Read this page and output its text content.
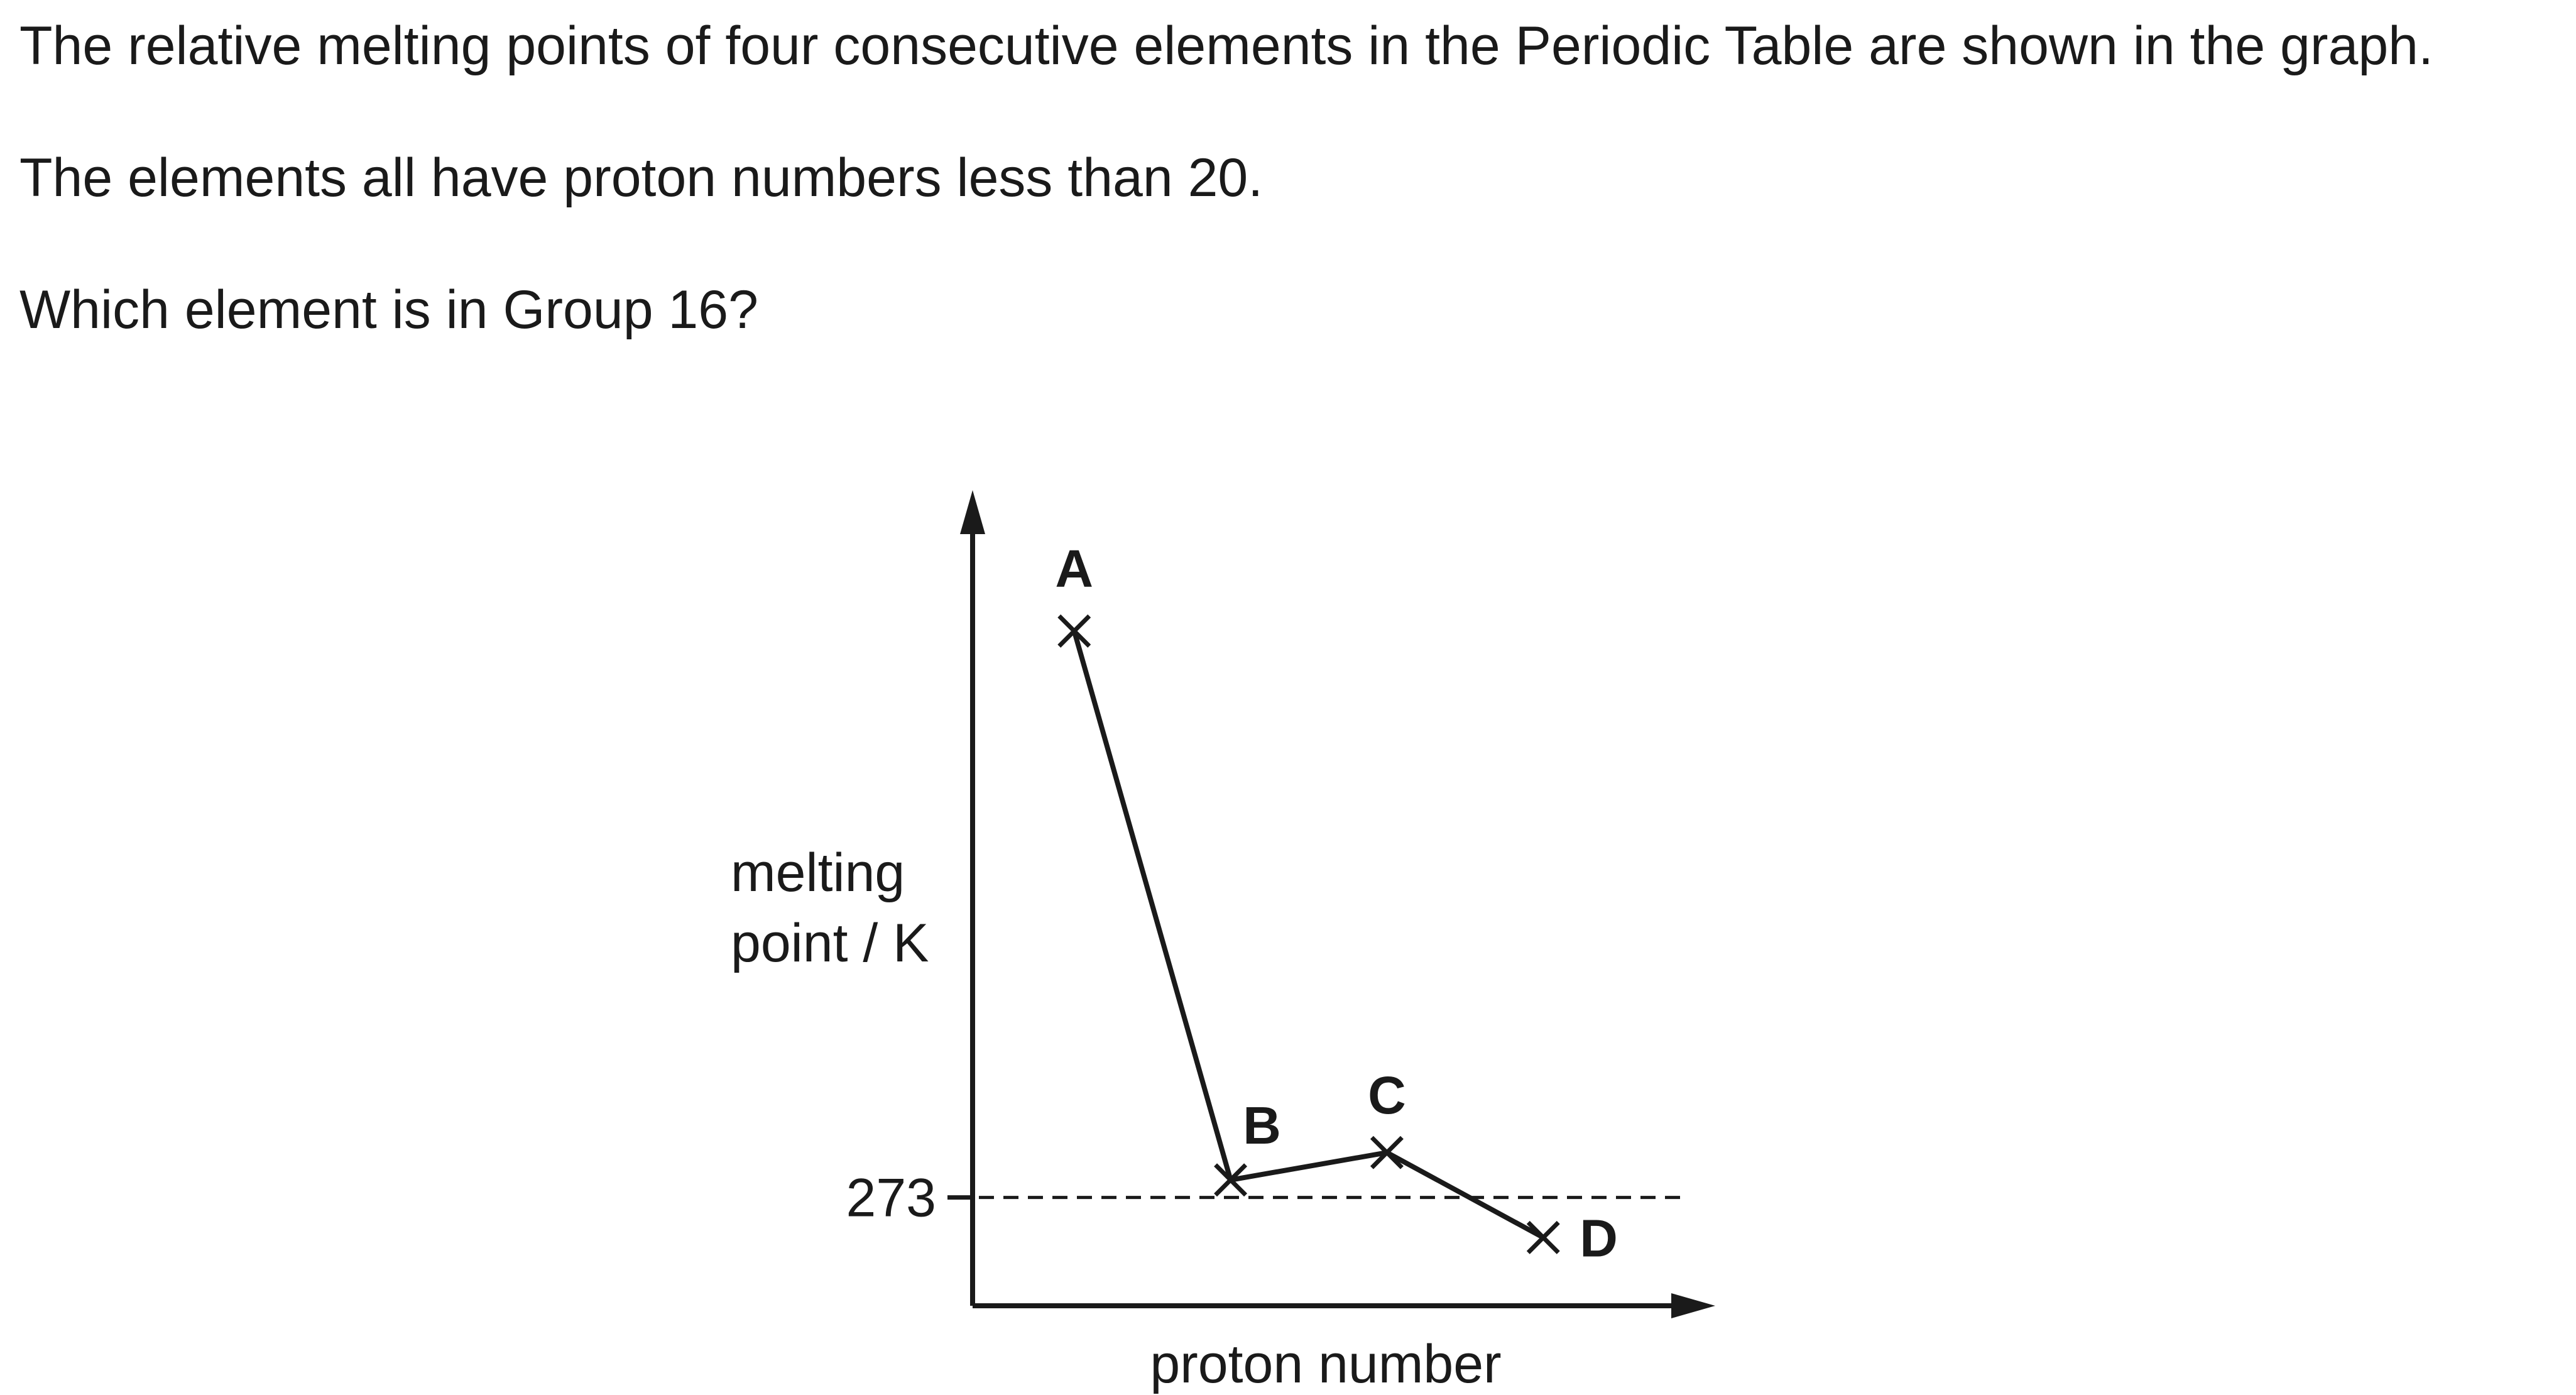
The relative melting points of four consecutive elements in the Periodic Table are shown in the graph.

The elements all have proton numbers less than 20.

Which element is in Group 16?

A
B
C
D
melting
point / K
proton number
273
